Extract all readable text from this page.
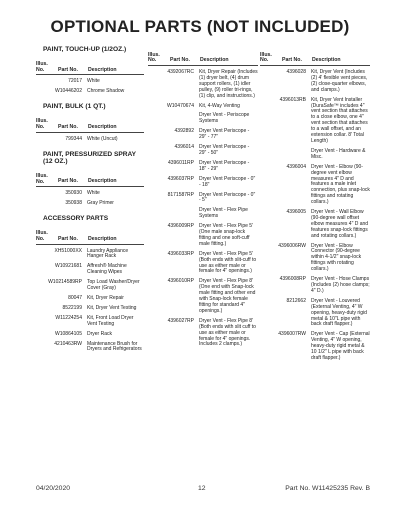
OPTIONAL PARTS (NOT INCLUDED)
PAINT, TOUCH-UP (1/2OZ.)
Illus. No.	Part No. Description
72017	White
W10446202	Chrome Shadow
PAINT, BULK (1 QT.)
Illus. No.	Part No. Description
799344	White (Uncut)
PAINT, PRESSURIZED SPRAY (12 OZ.)
Illus. No.	Part No. Description
350930	White
350938	Gray Primer
ACCESSORY PARTS
Illus. No.	Part No. Description
XH51000XX	Laundry Appliance Hanger Rack
W10921681	Affresh® Machine Cleaning Wipes
W10214589RP	Top Load Washer/Dryer Cover (Gray)
80047	Kit, Dryer Repair
8522199	Kit, Dryer Vent Testing
W11224254	Kit, Front Load Dryer Vent Testing
W10864105	Dryer Rack
4210463RW	Maintenance Brush for Dryers and Refrigerators
Illus. No.	Part No. Description
4392067RC	Kit, Dryer Repair (Includes (1) dryer belt, (4) drum support rollers, (1) idler pulley, (9) roller tri-rings, (1) clip, and instructions.)
W10470674	Kit, 4-Way Venting
Dryer Vent - Periscope Systems
4392892	Dryer Vent Periscope - 29" - 77"
4396014	Dryer Vent Periscope - 29" - 50"
4396011RP	Dryer Vent Periscope - 18" - 29"
4396037RP	Dryer Vent Periscope - 0" - 18"
8171587RP	Dryer Vent Periscope - 0" - 5"
Dryer Vent - Flex Pipe Systems
4396009RP	Dryer Vent - Flex Pipe 5' (One male snap-lock fitting and one soft-cuff male fitting.)
4396033RP	Dryer Vent - Flex Pipe 5' (Both ends with slit-cuff to use as either male or female for 4" openings.)
4396010RP	Dryer Vent - Flex Pipe 8' (One end with Snap-lock male fitting and other end with Snap-lock female fitting for standard 4" openings.)
4396027RP	Dryer Vent - Flex Pipe 8' (Both ends with slit cuff to use as either male or female for 4" openings. Includes 2 clamps.)
Illus. No.	Part No. Description
4396028	Kit, Dryer Vent (Includes (2) 4' flexible vent pieces, (2) close-quarter elbows, and clamps.)
4396013RB	Kit, Dryer Vent Installer (DuraSafe™ includes 4" vent section that attaches to a close elbow, one 4" vent section that attaches to a wall offset, and an extension collar. 8' Total Length)
Dryer Vent - Hardware & Misc.
4396004	Dryer Vent - Elbow (90-degree vent elbow measures 4" D and features a male inlet connection, plus snap-lock fittings and rotating collars.)
4396005	Dryer Vent - Wall Elbow (90-degree wall offset elbow measures 4" D and features snap-lock fittings and rotating collars.)
4396006RW	Dryer Vent - Elbow Connector (90-degree within 4-1/2" snap-lock fittings with rotating collars.)
4396008RP	Dryer Vent - Hose Clamps (Includes (2) hose clamps; 4" D.)
8212662	Dryer Vent - Louvered (External Venting, 4" W opening, heavy-duty rigid metal & 10"L pipe with back draft flapper.)
4396007RW	Dryer Vent - Cap (External Venting, 4" W opening, heavy-duty rigid metal & 10 1/2" L pipe with back draft flapper.)
04/20/2020	12	Part No. W11425235 Rev. B
